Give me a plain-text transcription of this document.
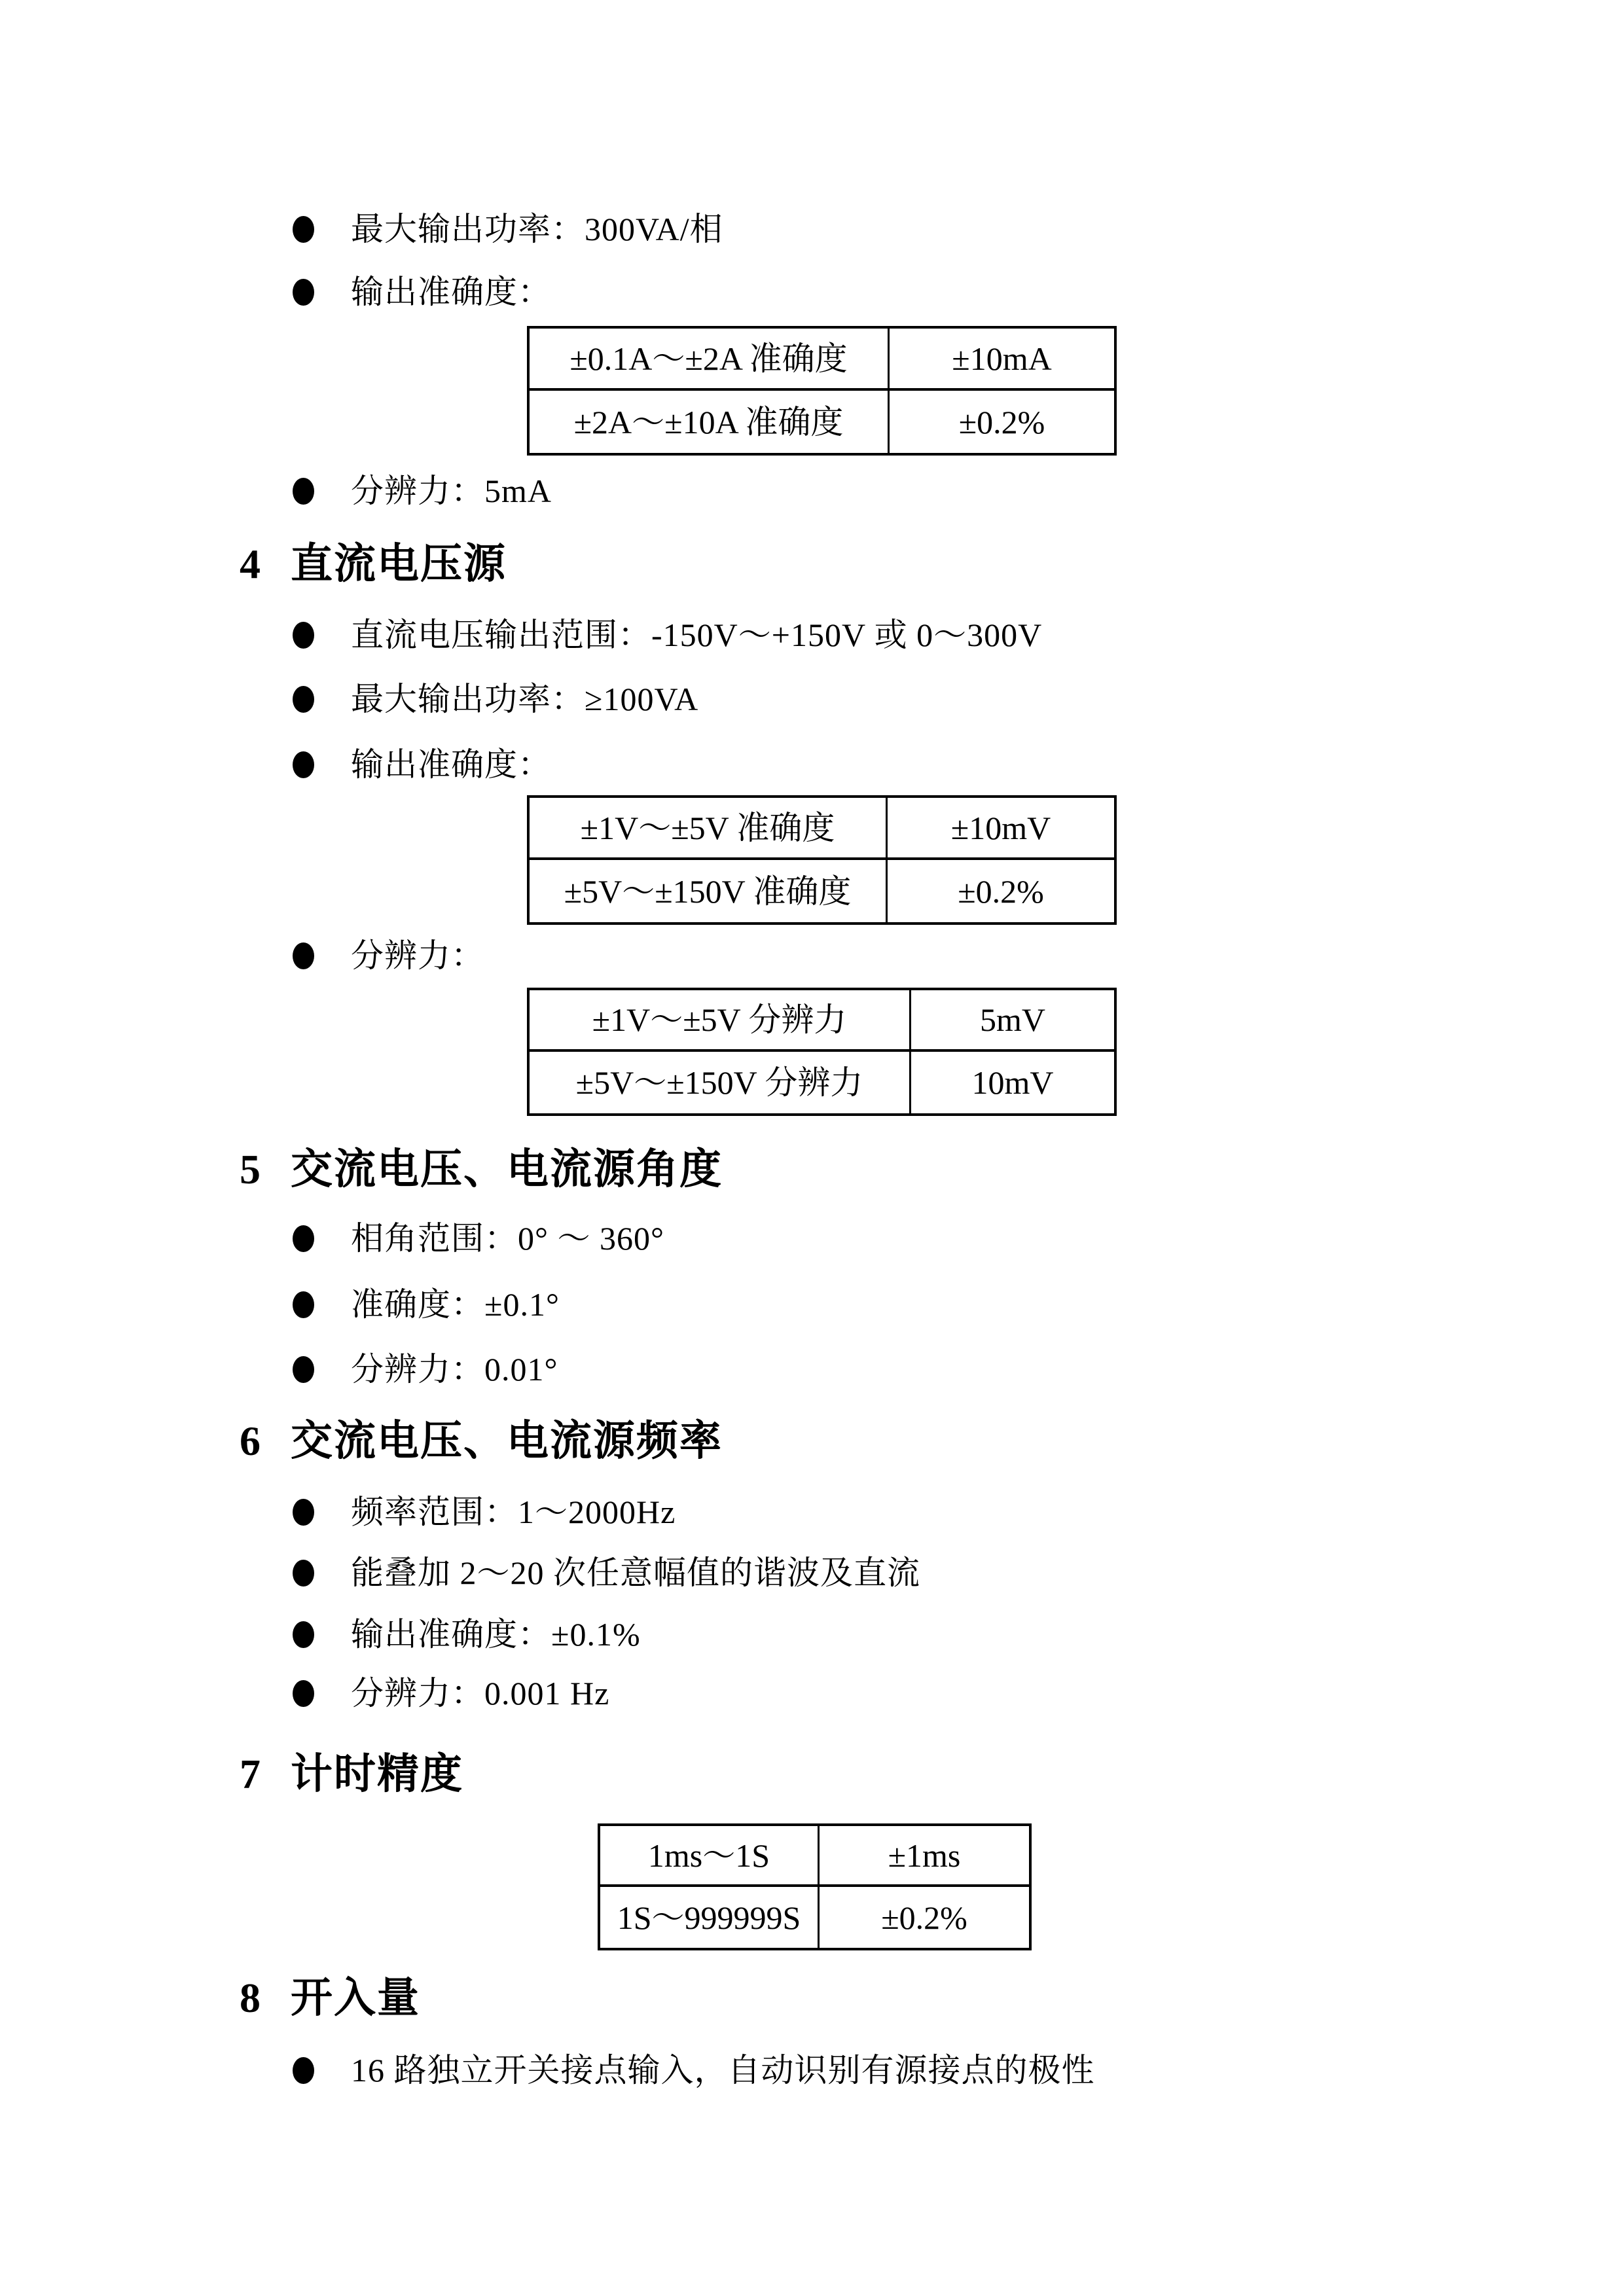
最大输出功率：300VA/相
输出准确度：
±0.1A～±2A 准确度	±10mA
±2A～±10A 准确度	±0.2%
分辨力：5mA
4 直流电压源
直流电压输出范围：-150V～+150V 或 0～300V
最大输出功率：≥100VA
输出准确度：
±1V～±5V 准确度	±10mV
±5V～±150V 准确度	±0.2%
分辨力：
±1V～±5V 分辨力	5mV
±5V～±150V 分辨力	10mV
5 交流电压、电流源角度
相角范围：0° ～ 360°
准确度：±0.1°
分辨力：0.01°
6 交流电压、电流源频率
频率范围：1～2000Hz
能叠加 2～20 次任意幅值的谐波及直流
输出准确度：±0.1%
分辨力：0.001 Hz
7 计时精度
1ms～1S	±1ms
1S～999999S	±0.2%
8 开入量
16 路独立开关接点输入，自动识别有源接点的极性
